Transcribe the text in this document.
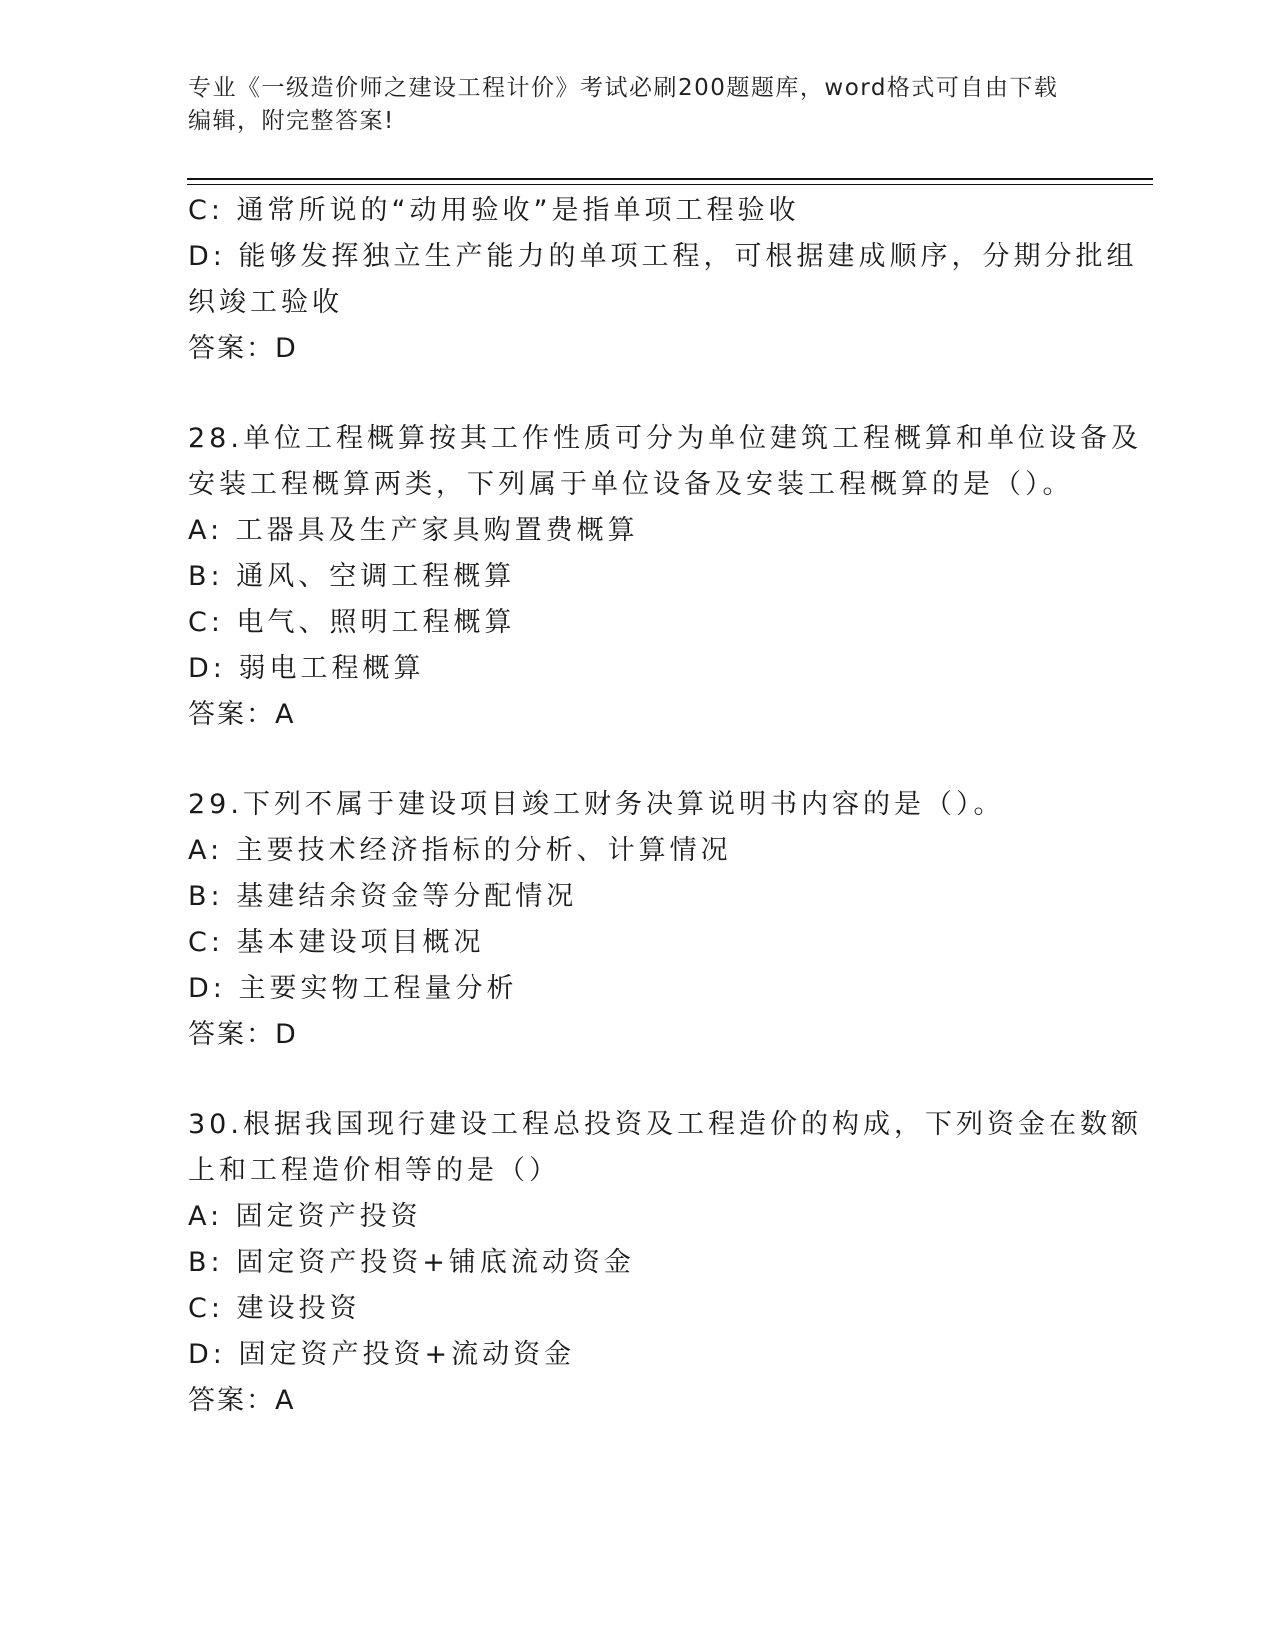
专业《一级造价师之建设工程计价》考试必刷200题题库，word格式可自由下载
编辑，附完整答案!
C: 通常所说的“动用验收”是指单项工程验收
D: 能够发挥独立生产能力的单项工程，可根据建成顺序，分期分批组
织竣工验收
答案：D
28.单位工程概算按其工作性质可分为单位建筑工程概算和单位设备及
安装工程概算两类，下列属于单位设备及安装工程概算的是（）。
A: 工器具及生产家具购置费概算
B: 通风、空调工程概算
C: 电气、照明工程概算
D: 弱电工程概算
答案：A
29.下列不属于建设项目竣工财务决算说明书内容的是（）。
A: 主要技术经济指标的分析、计算情况
B: 基建结余资金等分配情况
C: 基本建设项目概况
D: 主要实物工程量分析
答案：D
30.根据我国现行建设工程总投资及工程造价的构成，下列资金在数额
上和工程造价相等的是（）
A: 固定资产投资
B: 固定资产投资+铺底流动资金
C: 建设投资
D: 固定资产投资+流动资金
答案：A
